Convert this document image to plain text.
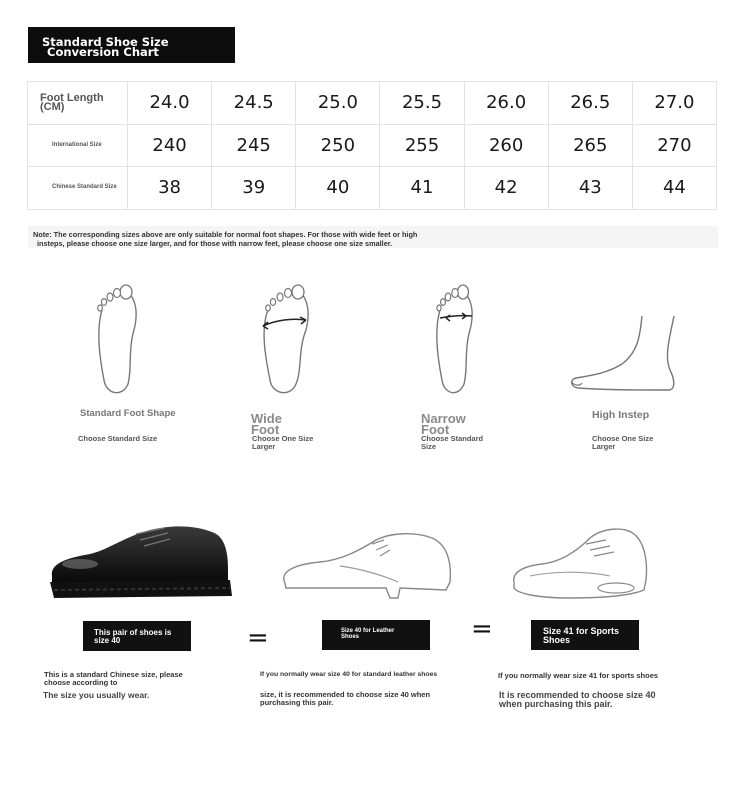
Standard Shoe Size
Conversion Chart
Foot Length (CM)	24.0	24.5	25.0	25.5	26.0	26.5	27.0
International Size	240	245	250	255	260	265	270
Chinese Standard Size	38	39	40	41	42	43	44
Note: The corresponding sizes above are only suitable for normal foot shapes. For those with wide feet or high
insteps, please choose one size larger, and for those with narrow feet, please choose one size smaller.
Standard Foot Shape
Choose Standard Size
Wide Foot
Choose One Size Larger
Narrow Foot
Choose Standard Size
High Instep
Choose One Size Larger
This pair of shoes is size 40	=	Size 40 for Leather Shoes	=	Size 41 for Sports Shoes
This is a standard Chinese size, please choose according to
The size you usually wear.
If you normally wear size 40 for standard leather shoes
size, it is recommended to choose size 40 when purchasing this pair.
If you normally wear size 41 for sports shoes
It is recommended to choose size 40 when purchasing this pair.
